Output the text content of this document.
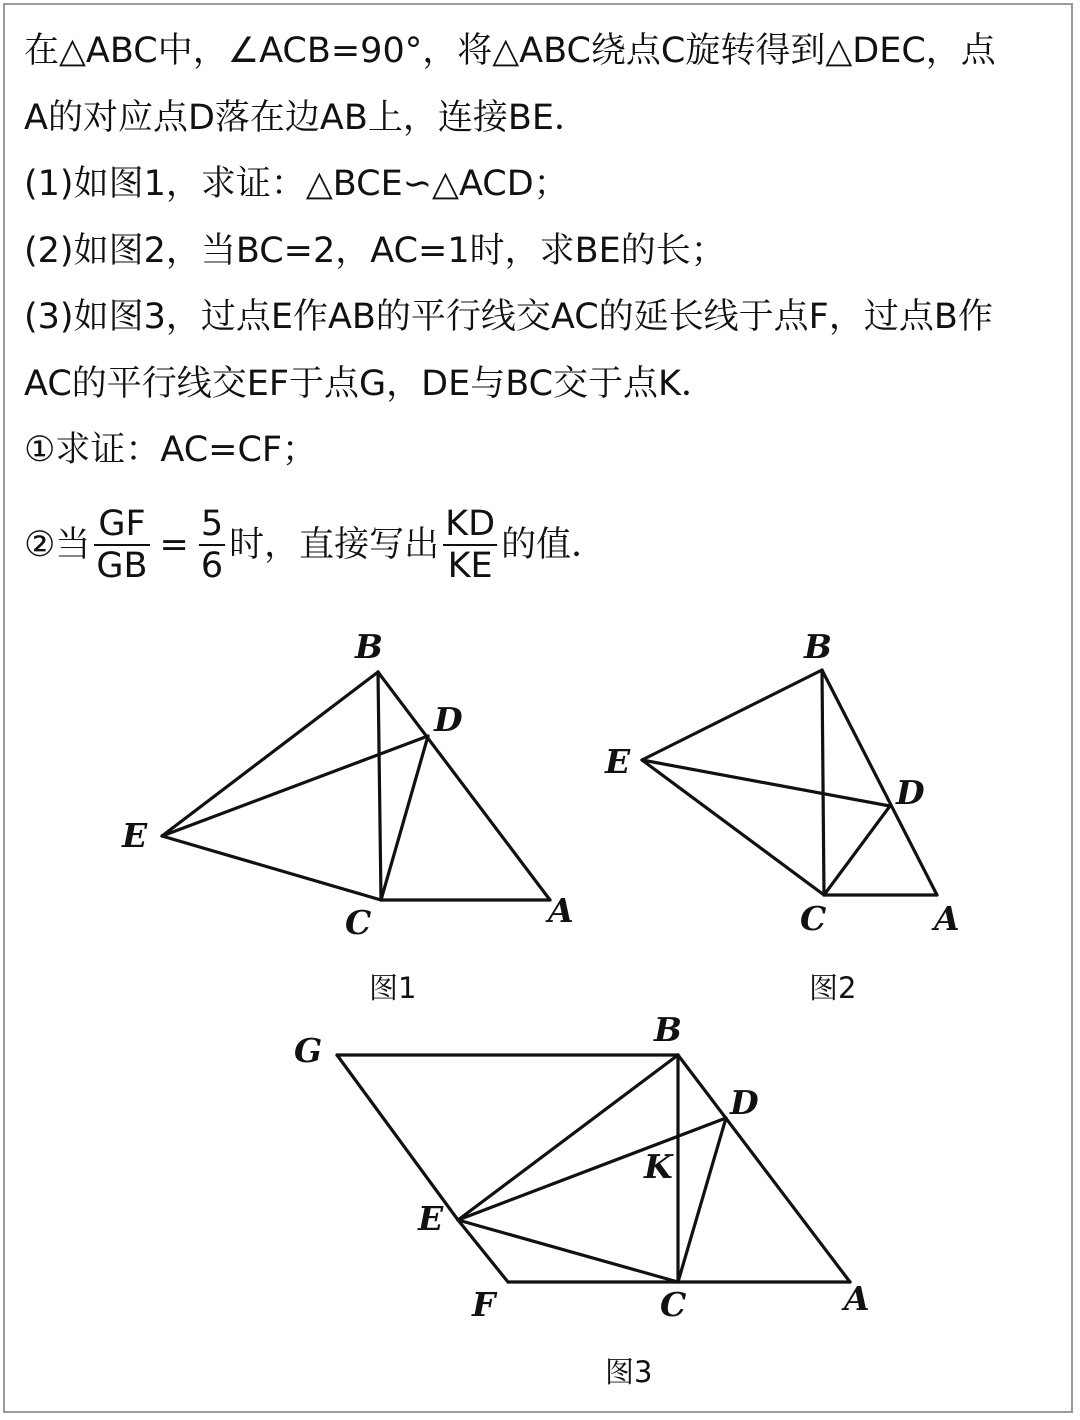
在△ABC中，∠ACB=90°，将△ABC绕点C旋转得到△DEC，点
A的对应点D落在边AB上，连接BE．
(1)如图1，求证：△BCE∽△ACD；
(2)如图2，当BC=2，AC=1时，求BE的长；
(3)如图3，过点E作AB的平行线交AC的延长线于点F，过点B作
AC的平行线交EF于点G，DE与BC交于点K．
①求证：AC=CF；
②当 $\frac{GF}{GB} = \frac{5}{6}$ 时，直接写出 $\frac{KD}{KE}$ 的值．
B
D
E
C	A
图1
B
E
D
C	A
图2
G
B
D
K
E
F	C	A
图3
